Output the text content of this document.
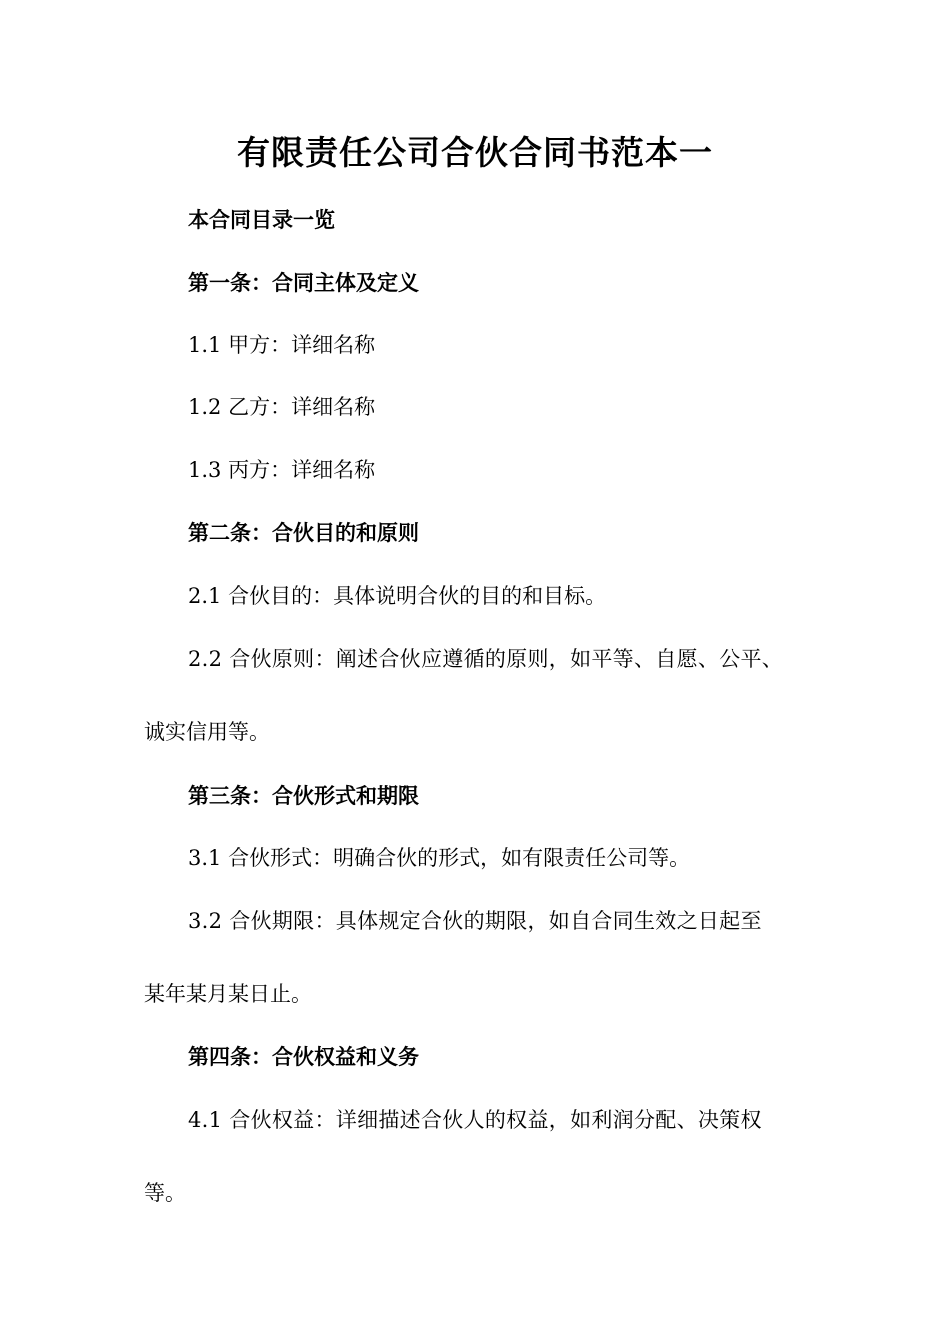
有限责任公司合伙合同书范本一
本合同目录一览
第一条：合同主体及定义
1.1 甲方：详细名称
1.2 乙方：详细名称
1.3 丙方：详细名称
第二条：合伙目的和原则
2.1 合伙目的：具体说明合伙的目的和目标。
2.2 合伙原则：阐述合伙应遵循的原则，如平等、自愿、公平、
诚实信用等。
第三条：合伙形式和期限
3.1 合伙形式：明确合伙的形式，如有限责任公司等。
3.2 合伙期限：具体规定合伙的期限，如自合同生效之日起至
某年某月某日止。
第四条：合伙权益和义务
4.1 合伙权益：详细描述合伙人的权益，如利润分配、决策权
等。
